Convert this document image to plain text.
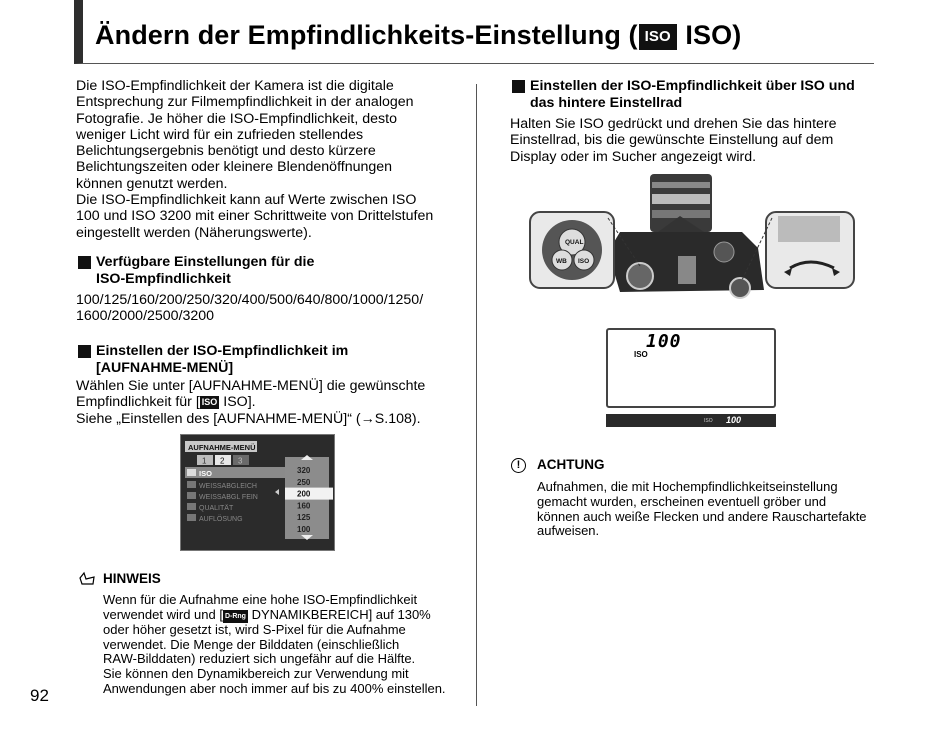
Ändern der Empfindlichkeits-Einstellung ( ISO ISO)
Die ISO-Empfindlichkeit der Kamera ist die digitale
Entsprechung zur Filmempfindlichkeit in der analogen
Fotografie. Je höher die ISO-Empfindlichkeit, desto
weniger Licht wird für ein zufrieden stellendes
Belichtungsergebnis benötigt und desto kürzere
Belichtungszeiten oder kleinere Blendenöffnungen
können genutzt werden.
Die ISO-Empfindlichkeit kann auf Werte zwischen ISO
100 und ISO 3200 mit einer Schrittweite von Drittelstufen
eingestellt werden (Näherungswerte).
Verfügbare Einstellungen für die
ISO-Empfindlichkeit
100/125/160/200/250/320/400/500/640/800/1000/1250/
1600/2000/2500/3200
Einstellen der ISO-Empfindlichkeit im
[AUFNAHME-MENÜ]
Wählen Sie unter [AUFNAHME-MENÜ] die gewünschte
Empfindlichkeit für [ ISO ISO].
Siehe „Einstellen des [AUFNAHME-MENÜ]“ (→S.108).
AUFNAHME-MENÜ
1 2 3
ISO
WEISSABGLEICH
WEISSABGL FEIN
QUALITÄT
AUFLÖSUNG
320
250
200
160
125
100
HINWEIS
Wenn für die Aufnahme eine hohe ISO-Empfindlichkeit
verwendet wird und [ D-Rng DYNAMIKBEREICH] auf 130%
oder höher gesetzt ist, wird S-Pixel für die Aufnahme
verwendet. Die Menge der Bilddaten (einschließlich
RAW-Bilddaten) reduziert sich ungefähr auf die Hälfte.
Sie können den Dynamikbereich zur Verwendung mit
Anwendungen aber noch immer auf bis zu 400% einstellen.
92
Einstellen der ISO-Empfindlichkeit über ISO und
das hintere Einstellrad
Halten Sie ISO gedrückt und drehen Sie das hintere
Einstellrad, bis die gewünschte Einstellung auf dem
Display oder im Sucher angezeigt wird.
QUAL
WB ISO
100
ISO
ISO 100
!	ACHTUNG
Aufnahmen, die mit Hochempfindlichkeitseinstellung
gemacht wurden, erscheinen eventuell gröber und
können auch weiße Flecken und andere Rauschartefakte
aufweisen.
